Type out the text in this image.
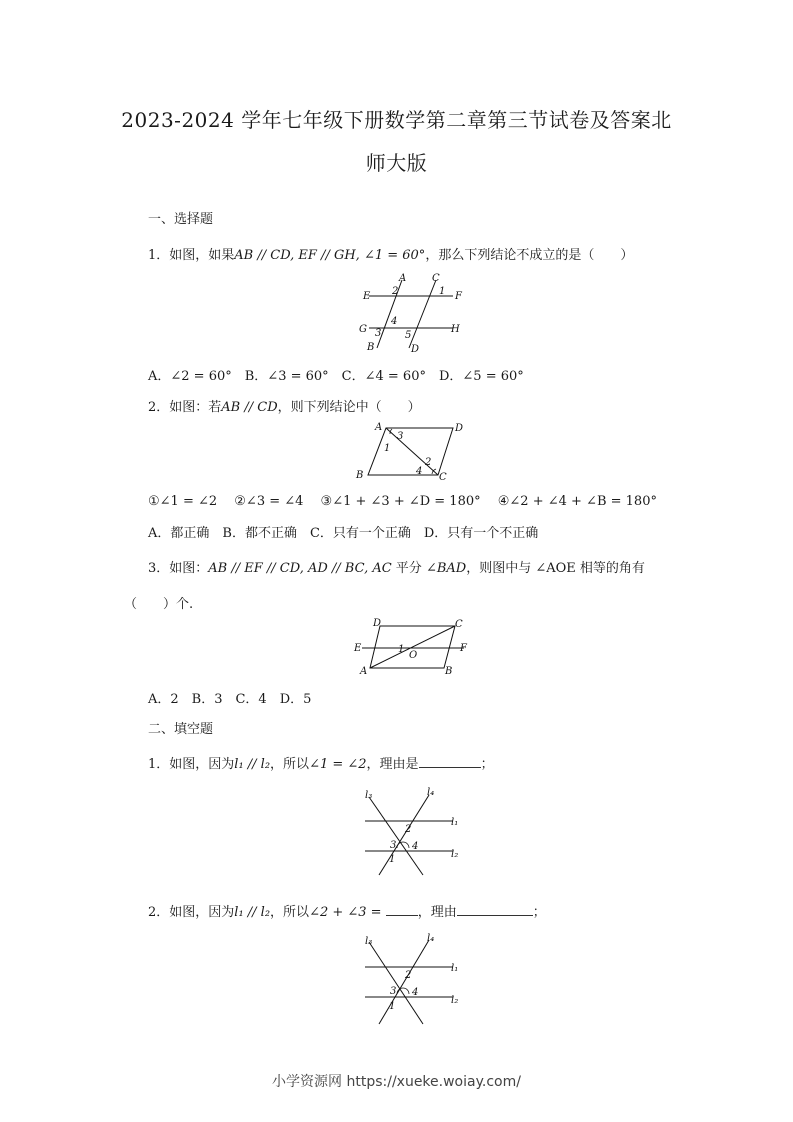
2023-2024 学年七年级下册数学第二章第三节试卷及答案北
师大版
一、选择题
1．如图，如果AB // CD, EF // GH, ∠1 = 60°，那么下列结论不成立的是（　　）
A	C
E	F
G	H
B	D
1
2
3
4
5
A．∠2 = 60°　B．∠3 = 60°　C．∠4 = 60°　D．∠5 = 60°
2．如图：若AB // CD，则下列结论中（　　）
A	D
B	C
1
3
2
4
①∠1 = ∠2　 ②∠3 = ∠4　 ③∠1 + ∠3 + ∠D = 180°　 ④∠2 + ∠4 + ∠B = 180°
A．都正确　B．都不正确　C．只有一个正确　D．只有一个不正确
3．如图：AB // EF // CD, AD // BC, AC 平分 ∠BAD，则图中与 ∠AOE 相等的角有
（　　）个.
D	C
E	F
O
A	B
1
A．2　B．3　C．4　D．5
二、填空题
1．如图，因为l₁ // l₂，所以∠1 = ∠2，理由是	；
l₃	l₄
l₁
l₂
2
3 4
1
2．如图，因为l₁ // l₂，所以∠2 + ∠3 =	，理由	；
l₃	l₄
l₁
l₂
2
3 4
1
小学资源网 https://xueke.woiay.com/
